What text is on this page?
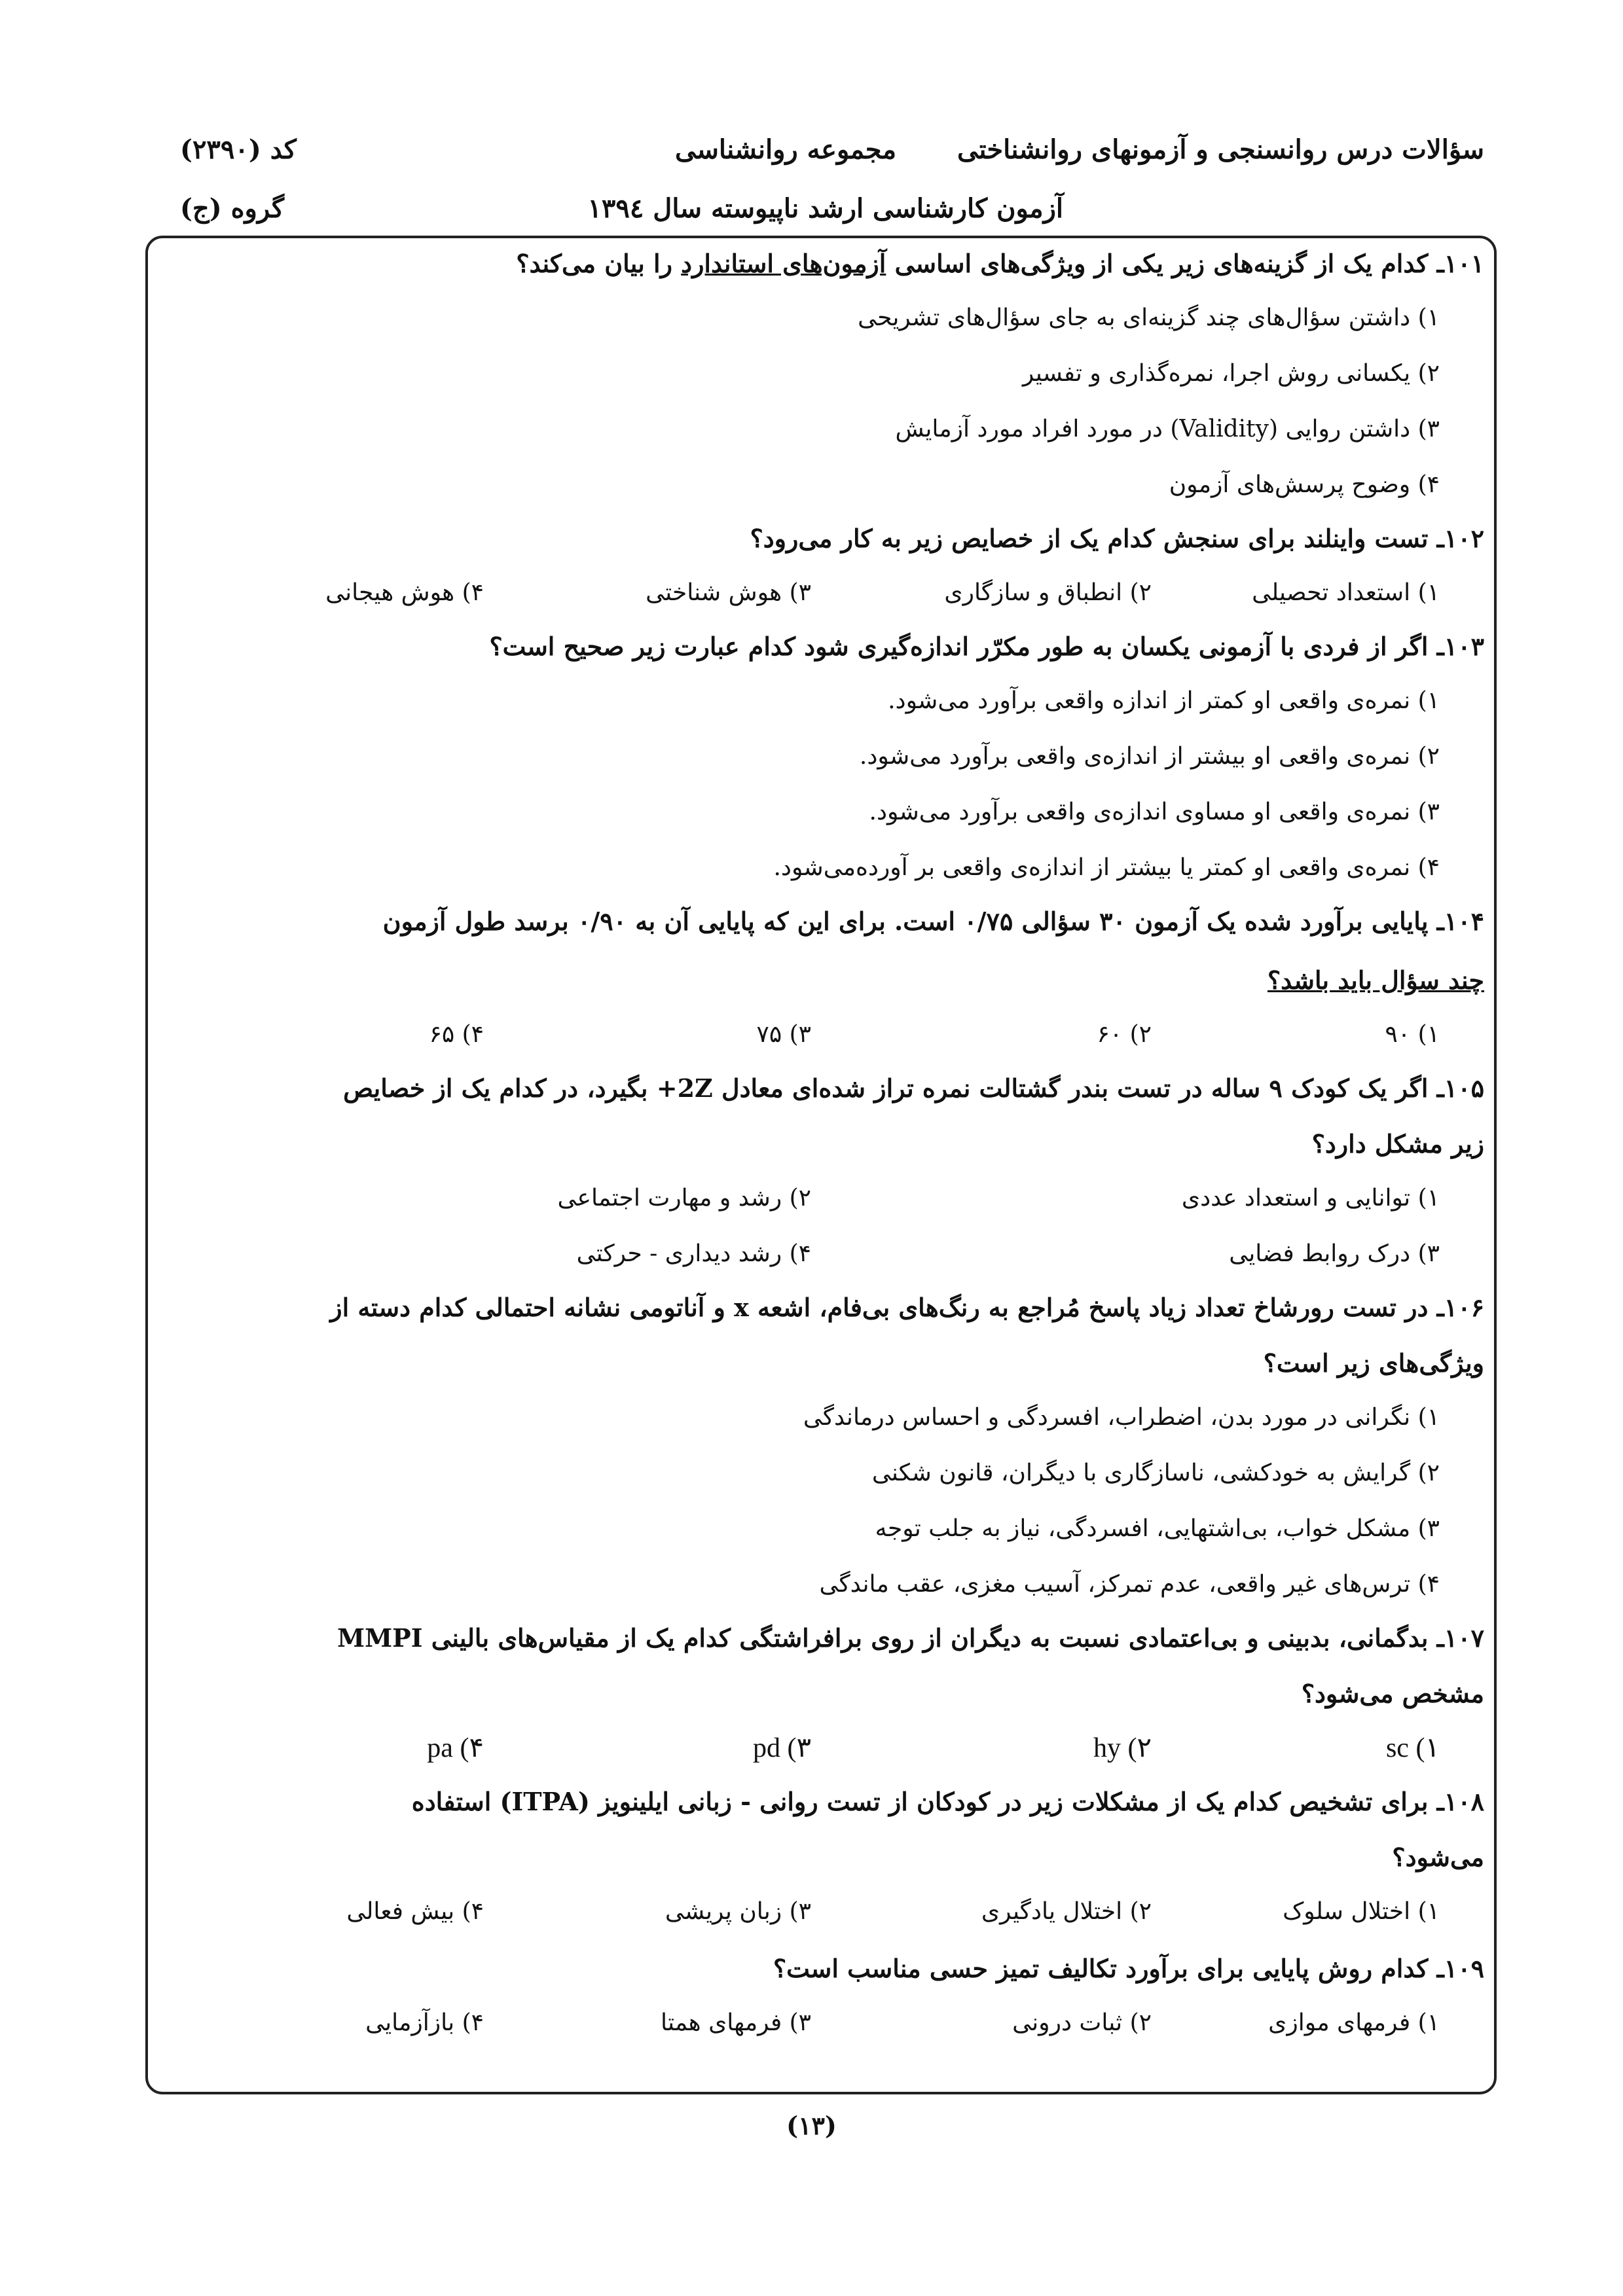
سؤالات درس روانسنجی و آزمونهای روانشناختی
مجموعه روانشناسی
کد (۲۳۹۰)
آزمون کارشناسی ارشد ناپیوسته سال ۱۳۹٤
گروه (ج)
۱۰۱ـ کدام یک از گزینه‌های زیر یکی از ویژگی‌های اساسی آزمون‌های استاندارد را بیان می‌کند؟
۱) داشتن سؤال‌های چند گزینه‌ای به جای سؤال‌های تشریحی
۲) یکسانی روش اجرا، نمره‌گذاری و تفسیر
۳) داشتن روایی (Validity) در مورد افراد مورد آزمایش
۴) وضوح پرسش‌های آزمون
۱۰۲ـ تست واینلند برای سنجش کدام یک از خصایص زیر به کار می‌رود؟
۱) استعداد تحصیلی
۲) انطباق و سازگاری
۳) هوش شناختی
۴) هوش هیجانی
۱۰۳ـ اگر از فردی با آزمونی یکسان به طور مکرّر اندازه‌گیری شود کدام عبارت زیر صحیح است؟
۱) نمره‌ی واقعی او کمتر از اندازه واقعی برآورد می‌شود.
۲) نمره‌ی واقعی او بیشتر از اندازه‌ی واقعی برآورد می‌شود.
۳) نمره‌ی واقعی او مساوی اندازه‌ی واقعی برآورد می‌شود.
۴) نمره‌ی واقعی او کمتر یا بیشتر از اندازه‌ی واقعی بر آورده‌می‌شود.
۱۰۴ـ پایایی برآورد شده یک آزمون ۳۰ سؤالی ۰/۷۵ است. برای این که پایایی آن به ۰/۹۰ برسد طول آزمون
چند سؤال باید باشد؟
۱) ۹۰
۲) ۶۰
۳) ۷۵
۴) ۶۵
۱۰۵ـ اگر یک کودک ۹ ساله در تست بندر گشتالت نمره تراز شده‌ای معادل 2Z+ بگیرد، در کدام یک از خصایص
زیر مشکل دارد؟
۱) توانایی و استعداد عددی
۲) رشد و مهارت اجتماعی
۳) درک روابط فضایی
۴) رشد دیداری - حرکتی
۱۰۶ـ در تست رورشاخ تعداد زیاد پاسخ مُراجع به رنگ‌های بی‌فام، اشعه x و آناتومی نشانه احتمالی کدام دسته از
ویژگی‌های زیر است؟
۱) نگرانی در مورد بدن، اضطراب، افسردگی و احساس درماندگی
۲) گرایش به خودکشی، ناسازگاری با دیگران، قانون شکنی
۳) مشکل خواب، بی‌اشتهایی، افسردگی، نیاز به جلب توجه
۴) ترس‌های غیر واقعی، عدم تمرکز، آسیب مغزی، عقب ماندگی
۱۰۷ـ بدگمانی، بدبینی و بی‌اعتمادی نسبت به دیگران از روی برافراشتگی کدام یک از مقیاس‌های بالینی MMPI
مشخص می‌شود؟
۱) sc
۲) hy
۳) pd
۴) pa
۱۰۸ـ برای تشخیص کدام یک از مشکلات زیر در کودکان از تست روانی - زبانی ایلینویز (ITPA) استفاده
می‌شود؟
۱) اختلال سلوک
۲) اختلال یادگیری
۳) زبان پریشی
۴) بیش فعالی
۱۰۹ـ کدام روش پایایی برای برآورد تکالیف تمیز حسی مناسب است؟
۱) فرمهای موازی
۲) ثبات درونی
۳) فرمهای همتا
۴) بازآزمایی
(۱۳)
